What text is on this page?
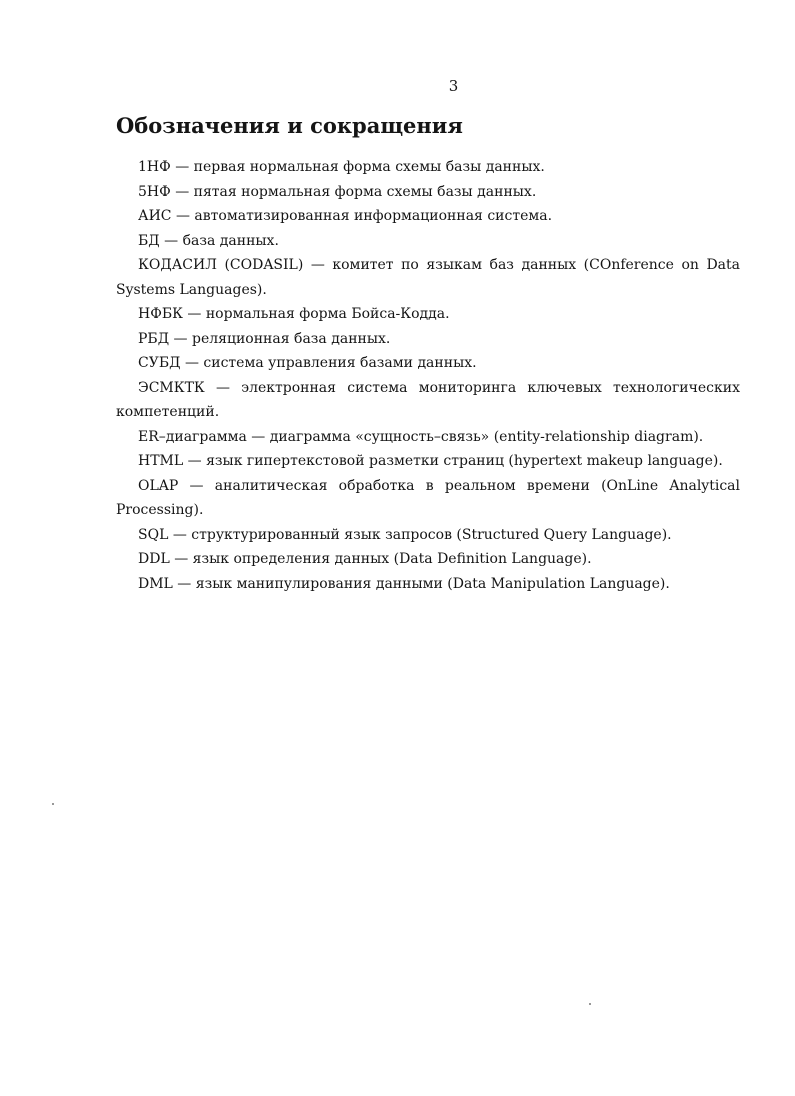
3
Обозначения и сокращения

1НФ — первая нормальная форма схемы базы данных.

5НФ — пятая нормальная форма схемы базы данных.

АИС — автоматизированная информационная система.

БД — база данных.

КОДАСИЛ (CODASIL) — комитет по языкам баз данных (COnference on Data Systems Languages).

НФБК — нормальная форма Бойса-Кодда.

РБД — реляционная база данных.

СУБД — система управления базами данных.

ЭСМКТК — электронная система мониторинга ключевых технологических компетенций.

ER–диаграмма — диаграмма «сущность–связь» (entity-relationship diagram).

HTML — язык гипертекстовой разметки страниц (hypertext makeup language).

OLAP — аналитическая обработка в реальном времени (OnLine Analytical Processing).

SQL — структурированный язык запросов (Structured Query Language).

DDL — язык определения данных (Data Definition Language).

DML — язык манипулирования данными (Data Manipulation Language).
